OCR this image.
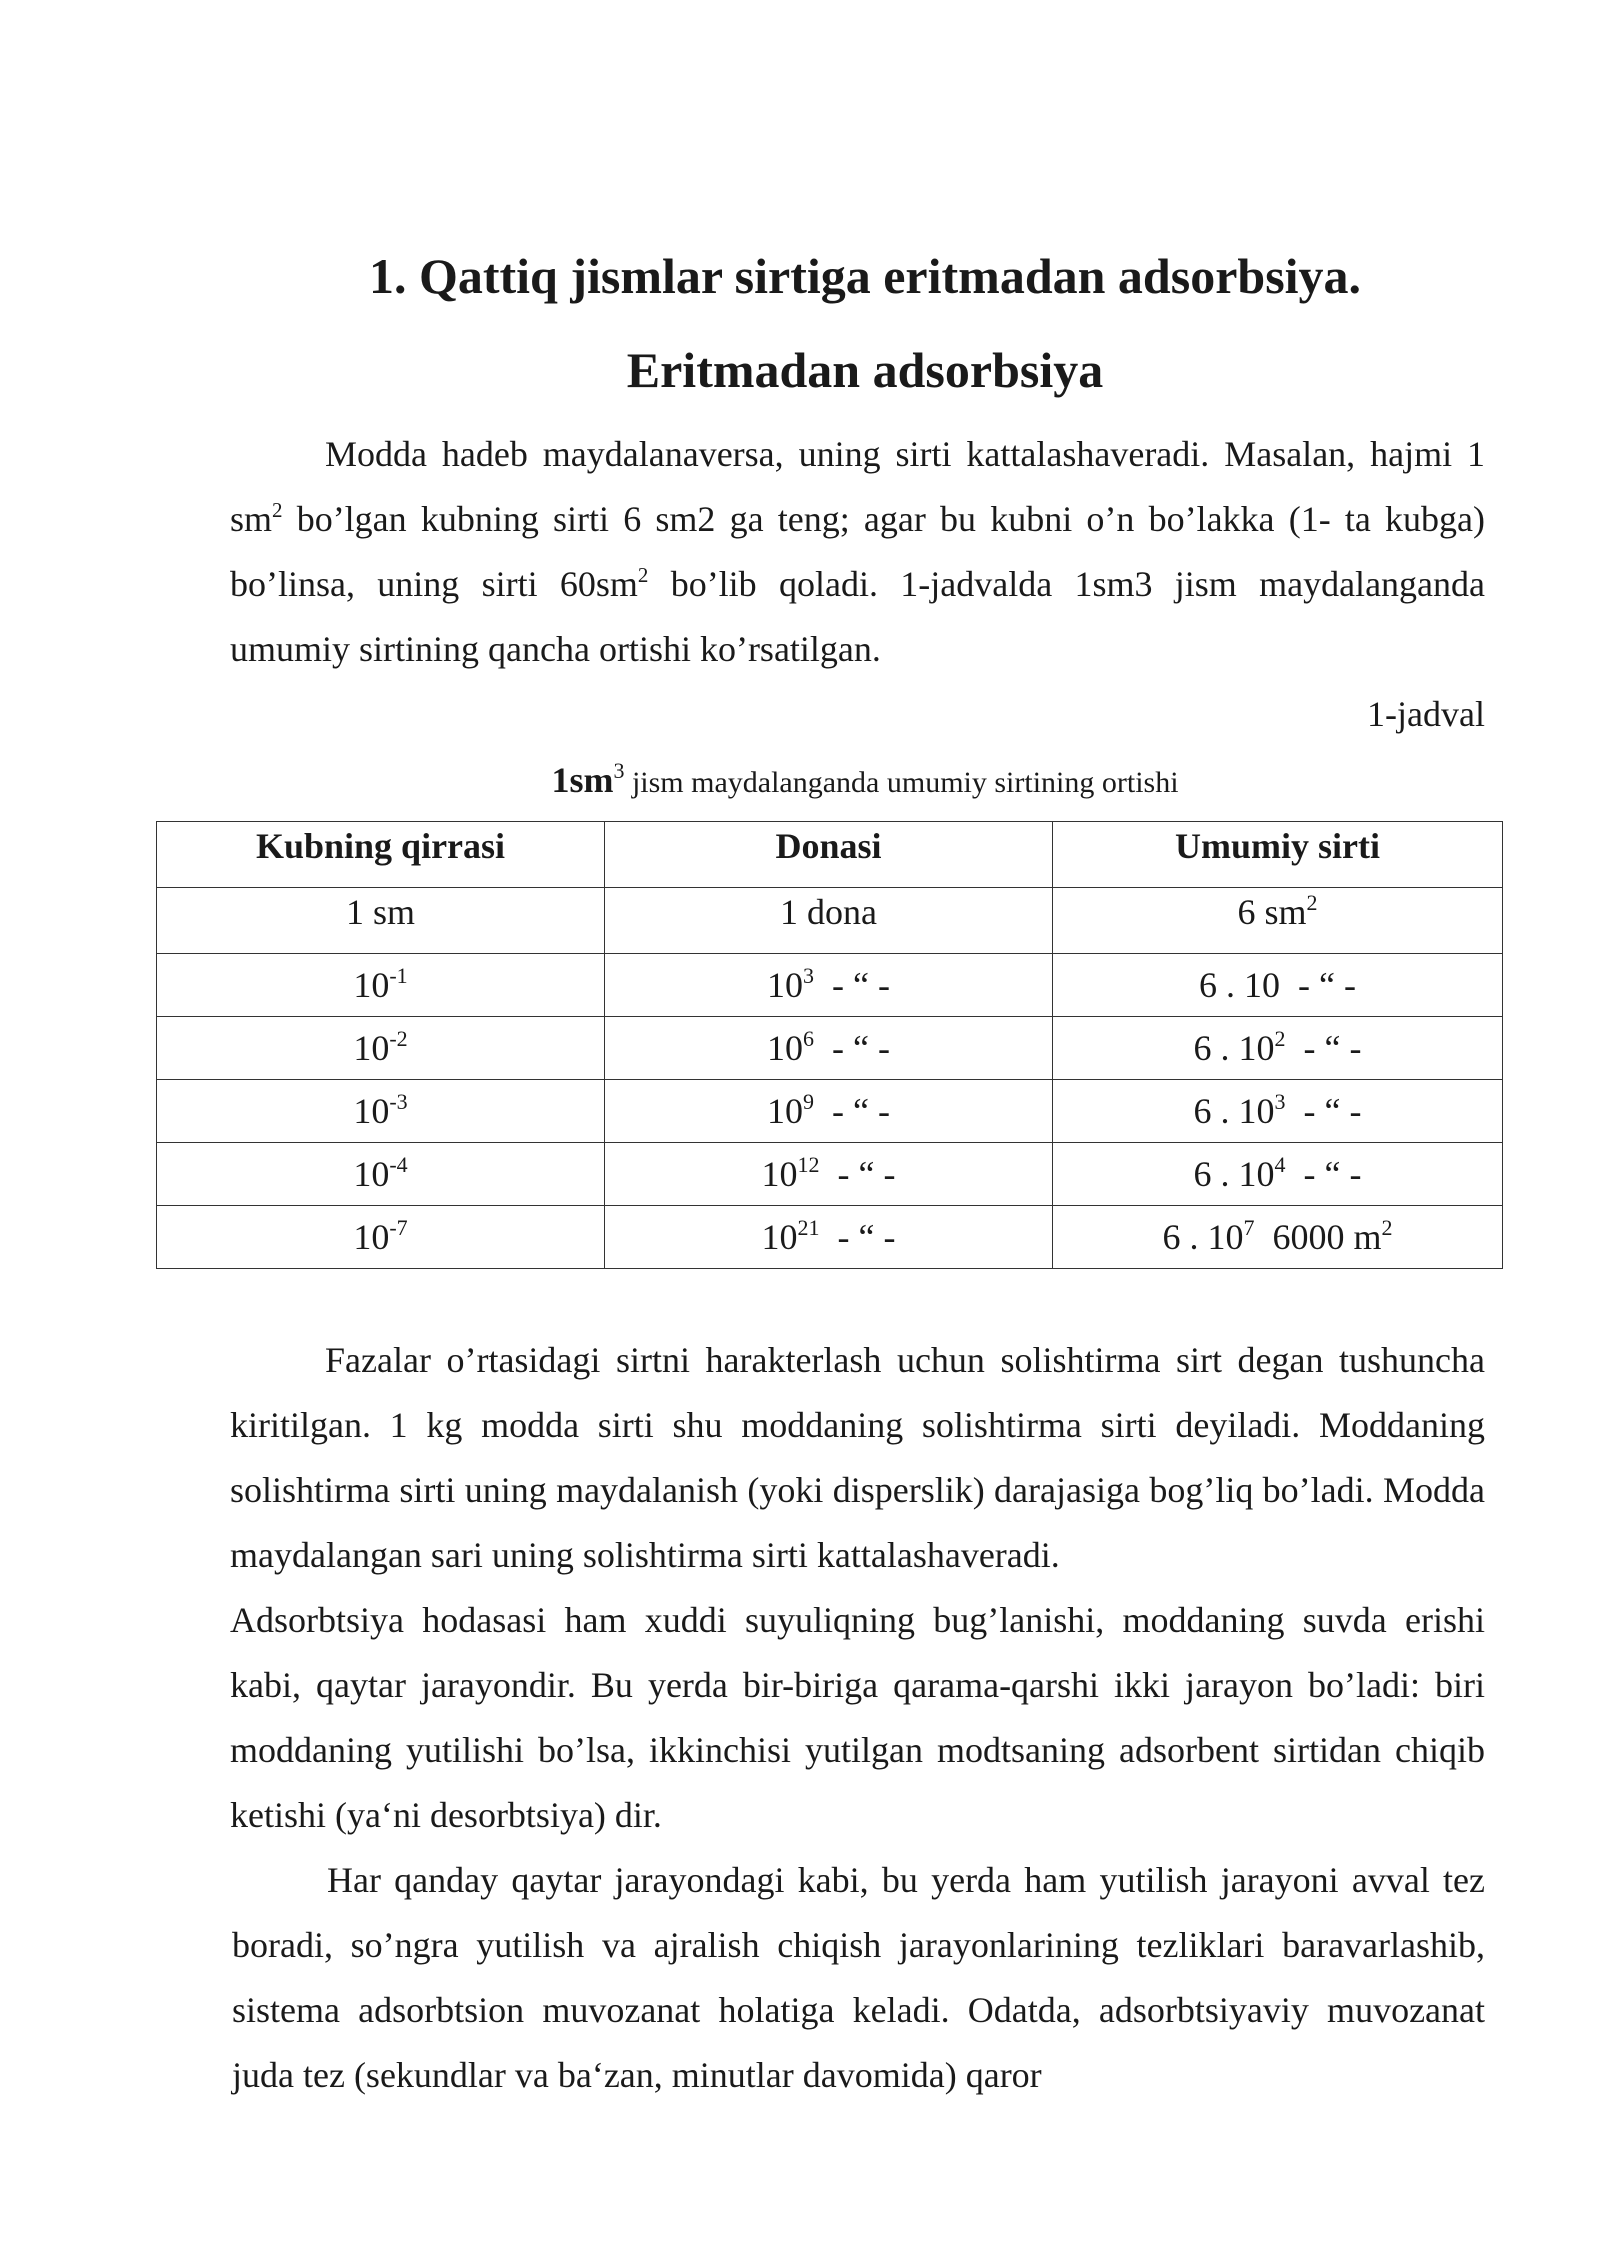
1. Qattiq jismlar sirtiga eritmadan adsorbsiya.
Eritmadan adsorbsiya

Modda hadeb maydalanaversa, uning sirti kattalashaveradi. Masalan, hajmi 1 $sm^2$ bo’lgan kubning sirti 6 sm2 ga teng; agar bu kubni o’n bo’lakka (1- ta kubga) bo’linsa, uning sirti $60sm^2$ bo’lib qoladi. 1-jadvalda 1sm3 jism maydalanganda umumiy sirtining qancha ortishi ko’rsatilgan.

1-jadval

$1sm^3$ jism maydalanganda umumiy sirtining ortishi

Kubning qirrasi	Donasi	Umumiy sirti
1 sm	1 dona	6 $sm^2$
$10^{-1}$	$10^3$  - “ -	6 . 10  - “ -
$10^{-2}$	$10^6$  - “ -	6 . $10^2$  - “ -
$10^{-3}$	$10^9$  - “ -	6 . $10^3$  - “ -
$10^{-4}$	$10^{12}$  - “ -	6 . $10^4$  - “ -
$10^{-7}$	$10^{21}$  - “ -	6 . $10^7$  6000 $m^2$

Fazalar o’rtasidagi sirtni harakterlash uchun solishtirma sirt degan tushuncha kiritilgan. 1 kg modda sirti shu moddaning solishtirma sirti deyiladi. Moddaning solishtirma sirti uning maydalanish (yoki disperslik) darajasiga bog’liq bo’ladi. Modda maydalangan sari uning solishtirma sirti kattalashaveradi.

Adsorbtsiya hodasasi ham xuddi suyuliqning bug’lanishi, moddaning suvda erishi kabi, qaytar jarayondir. Bu yerda bir-biriga qarama-qarshi ikki jarayon bo’ladi: biri moddaning yutilishi bo’lsa, ikkinchisi yutilgan modtsaning adsorbent sirtidan chiqib ketishi (ya‘ni desorbtsiya) dir.

Har qanday qaytar jarayondagi kabi, bu yerda ham yutilish jarayoni avval tez boradi, so’ngra yutilish va ajralish chiqish jarayonlarining tezliklari baravarlashib, sistema adsorbtsion muvozanat holatiga keladi. Odatda, adsorbtsiyaviy muvozanat juda tez (sekundlar va ba‘zan, minutlar davomida) qaror
